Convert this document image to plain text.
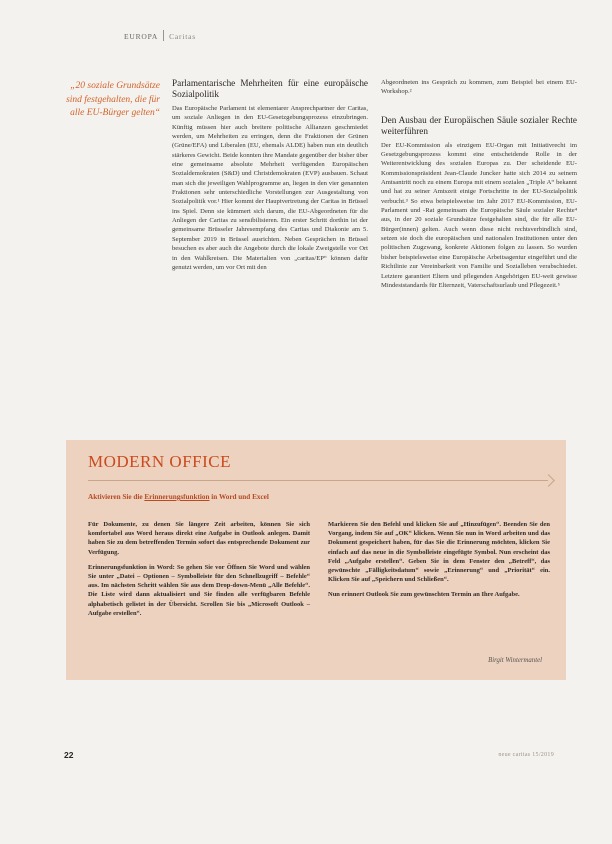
EUROPA Caritas
„20 soziale Grundsätze sind festgehalten, die für alle EU-Bürger gelten“
Parlamentarische Mehrheiten für eine europäische Sozialpolitik

Das Europäische Parlament ist elementarer Ansprechpartner der Caritas, um soziale Anliegen in den EU-Gesetzgebungsprozess einzubringen. Künftig müssen hier auch breitere politische Allianzen geschmiedet werden, um Mehrheiten zu erringen, denn die Fraktionen der Grünen (Grüne/EFA) und Liberalen (EU, ehemals ALDE) haben nun ein deutlich stärkeres Gewicht. Beide konnten ihre Mandate gegenüber der bisher über eine gemeinsame absolute Mehrheit verfügenden Europäischen Sozialdemokraten (S&D) und Christdemokraten (EVP) ausbauen. Schaut man sich die jeweiligen Wahlprogramme an, liegen in den vier genannten Fraktionen sehr unterschiedliche Vorstellungen zur Ausgestaltung von Sozialpolitik vor.¹ Hier kommt der Hauptvertretung der Caritas in Brüssel ins Spiel. Denn sie kümmert sich darum, die EU-Abgeordneten für die Anliegen der Caritas zu sensibilisieren. Ein erster Schritt dorthin ist der gemeinsame Brüsseler Jahresempfang des Caritas und Diakonie am 5. September 2019 in Brüssel ausrichten. Neben Gesprächen in Brüssel besuchen es aber auch die Angebote durch die lokale Zweigstelle vor Ort in den Wahlkreisen. Die Materialien von „caritas/EP“ können dafür genutzt werden, um vor Ort mit den

Abgeordneten ins Gespräch zu kommen, zum Beispiel bei einem EU-Workshop.²

Den Ausbau der Europäischen Säule sozialer Rechte weiterführen

Der EU-Kommission als einzigem EU-Organ mit Initiativrecht im Gesetzgebungsprozess kommt eine entscheidende Rolle in der Weiterentwicklung des sozialen Europas zu. Der scheidende EU-Kommissionspräsident Jean-Claude Juncker hatte sich 2014 zu seinem Amtsantritt noch zu einem Europa mit einem sozialen „Triple A“ bekannt und hat zu seiner Amtszeit einige Fortschritte in der EU-Sozialpolitik verbucht.³ So etwa beispielsweise im Jahr 2017 EU-Kommission, EU-Parlament und -Rat gemeinsam die Europäische Säule sozialer Rechte⁴ aus, in der 20 soziale Grundsätze festgehalten sind, die für alle EU-Bürger(innen) gelten. Auch wenn diese nicht rechtsverbindlich sind, setzen sie doch die europäischen und nationalen Institutionen unter den politischen Zugzwang, konkrete Aktionen folgen zu lassen. So wurden bisher beispielsweise eine Europäische Arbeitsagentur eingeführt und die Richtlinie zur Vereinbarkeit von Familie und Sozialleben verabschiedet. Letztere garantiert Eltern und pflegenden Angehörigen EU-weit gewisse Mindeststandards für Elternzeit, Vaterschaftsurlaub und Pflegezeit.⁵

MODERN OFFICE
Aktivieren Sie die Erinnerungsfunktion in Word und Excel

Für Dokumente, zu denen Sie längere Zeit arbeiten, können Sie sich komfortabel aus Word heraus direkt eine Aufgabe in Outlook anlegen. Damit haben Sie zu dem betreffenden Termin sofort das entsprechende Dokument zur Verfügung.

Erinnerungsfunktion in Word: So gehen Sie vor Öffnen Sie Word und wählen Sie unter „Datei – Optionen – Symbolleiste für den Schnellzugriff – Befehle“ aus. Im nächsten Schritt wählen Sie aus dem Drop-down-Menü „Alle Befehle“. Die Liste wird dann aktualisiert und Sie finden alle verfügbaren Befehle alphabetisch gelistet in der Übersicht. Scrollen Sie bis „Microsoft Outlook – Aufgabe erstellen“.

Markieren Sie den Befehl und klicken Sie auf „Hinzufügen“. Beenden Sie den Vorgang, indem Sie auf „OK“ klicken. Wenn Sie nun in Word arbeiten und das Dokument gespeichert haben, für das Sie die Erinnerung möchten, klicken Sie einfach auf das neue in die Symbolleiste eingefügte Symbol. Nun erscheint das Feld „Aufgabe erstellen“. Geben Sie in dem Fenster den „Betreff“, das gewünschte „Fälligkeitsdatum“ sowie „Erinnerung“ und „Priorität“ ein. Klicken Sie auf „Speichern und Schließen“.

Nun erinnert Outlook Sie zum gewünschten Termin an Ihre Aufgabe.

Birgit Wintermantel
22	neue caritas 15/2019
